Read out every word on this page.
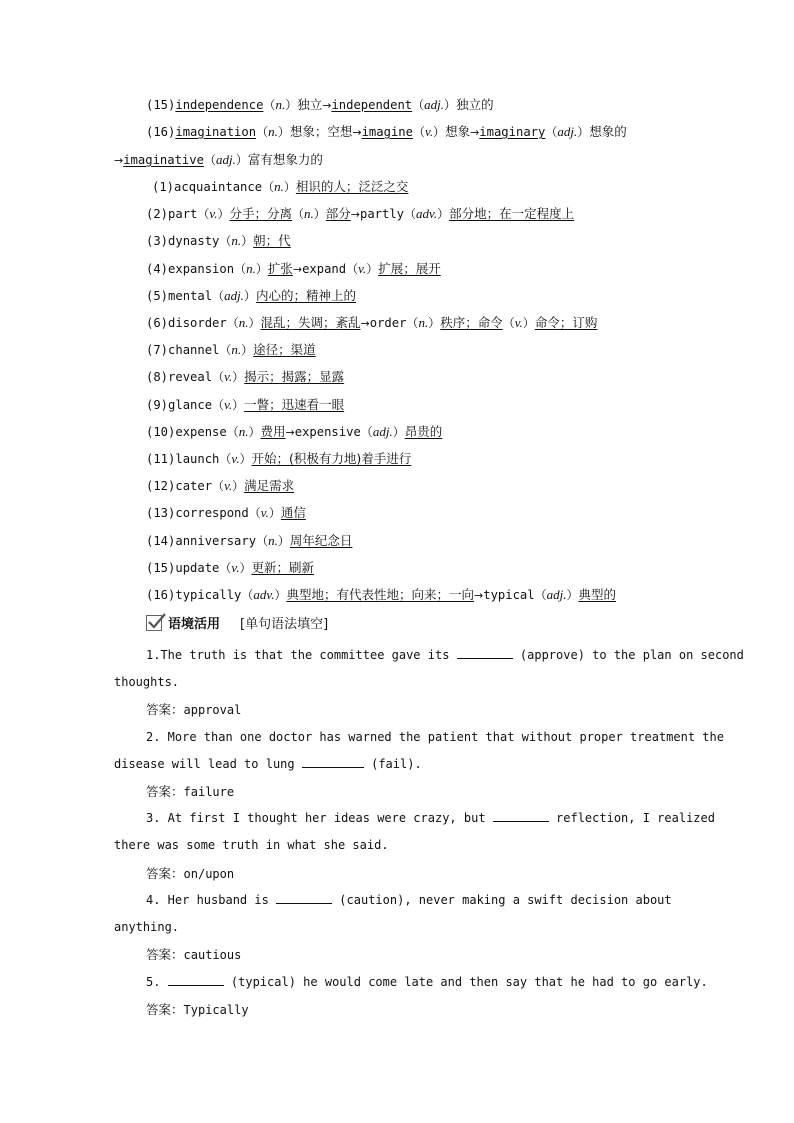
(15)independence（n.）独立→independent（adj.）独立的
(16)imagination（n.）想象；空想→imagine（v.）想象→imaginary（adj.）想象的
→imaginative（adj.）富有想象力的
(1)acquaintance（n.）相识的人；泛泛之交
(2)part（v.）分手；分离（n.）部分→partly（adv.）部分地；在一定程度上
(3)dynasty（n.）朝；代
(4)expansion（n.）扩张→expand（v.）扩展；展开
(5)mental（adj.）内心的；精神上的
(6)disorder（n.）混乱；失调；紊乱→order（n.）秩序；命令（v.）命令；订购
(7)channel（n.）途径；渠道
(8)reveal（v.）揭示；揭露；显露
(9)glance（v.）一瞥；迅速看一眼
(10)expense（n.）费用→expensive（adj.）昂贵的
(11)launch（v.）开始；(积极有力地)着手进行
(12)cater（v.）满足需求
(13)correspond（v.）通信
(14)anniversary（n.）周年纪念日
(15)update（v.）更新；刷新
(16)typically（adv.）典型地；有代表性地；向来；一向→typical（adj.）典型的
语境活用 [单句语法填空]
1.The truth is that the committee gave its	(approve) to the plan on second
thoughts.
答案：approval
2. More than one doctor has warned the patient that without proper treatment the
disease will lead to lung	(fail).
答案：failure
3. At first I thought her ideas were crazy, but	reflection, I realized
there was some truth in what she said.
答案：on/upon
4. Her husband is	(caution), never making a swift decision about
anything.
答案：cautious
5.	(typical) he would come late and then say that he had to go early.
答案：Typically
